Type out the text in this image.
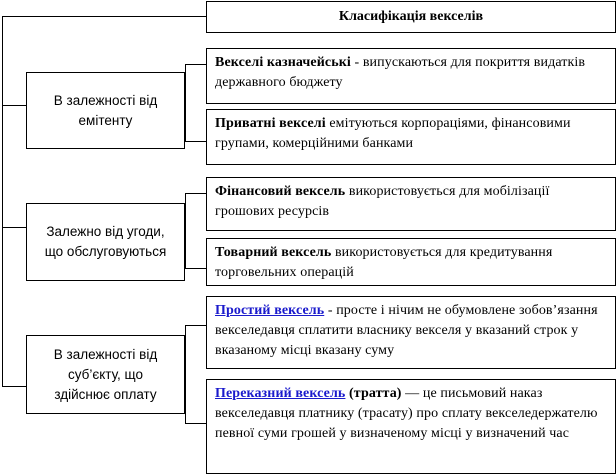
Класифікація векселів
В залежності від
емітенту
Залежно від угоди,
що обслуговуються
В залежності від
суб’єкту, що
здійснює оплату
Векселі казначейські - випускаються для покриття видатків державного бюджету
Приватні векселі емітуються корпораціями, фінансовими групами, комерційними банками
Фінансовий вексель використовується для мобілізації грошових ресурсів
Товарний вексель використовується для кредитування торговельних операцій
Простий вексель - просте і нічим не обумовлене зобов’язання векселедавця сплатити власнику векселя у вказаний строк у вказаному місці вказану суму
Переказний вексель (тратта) — це письмовий наказ векселедавця платнику (трасату) про сплату векселедержателю певної суми грошей у визначеному місці у визначений час
